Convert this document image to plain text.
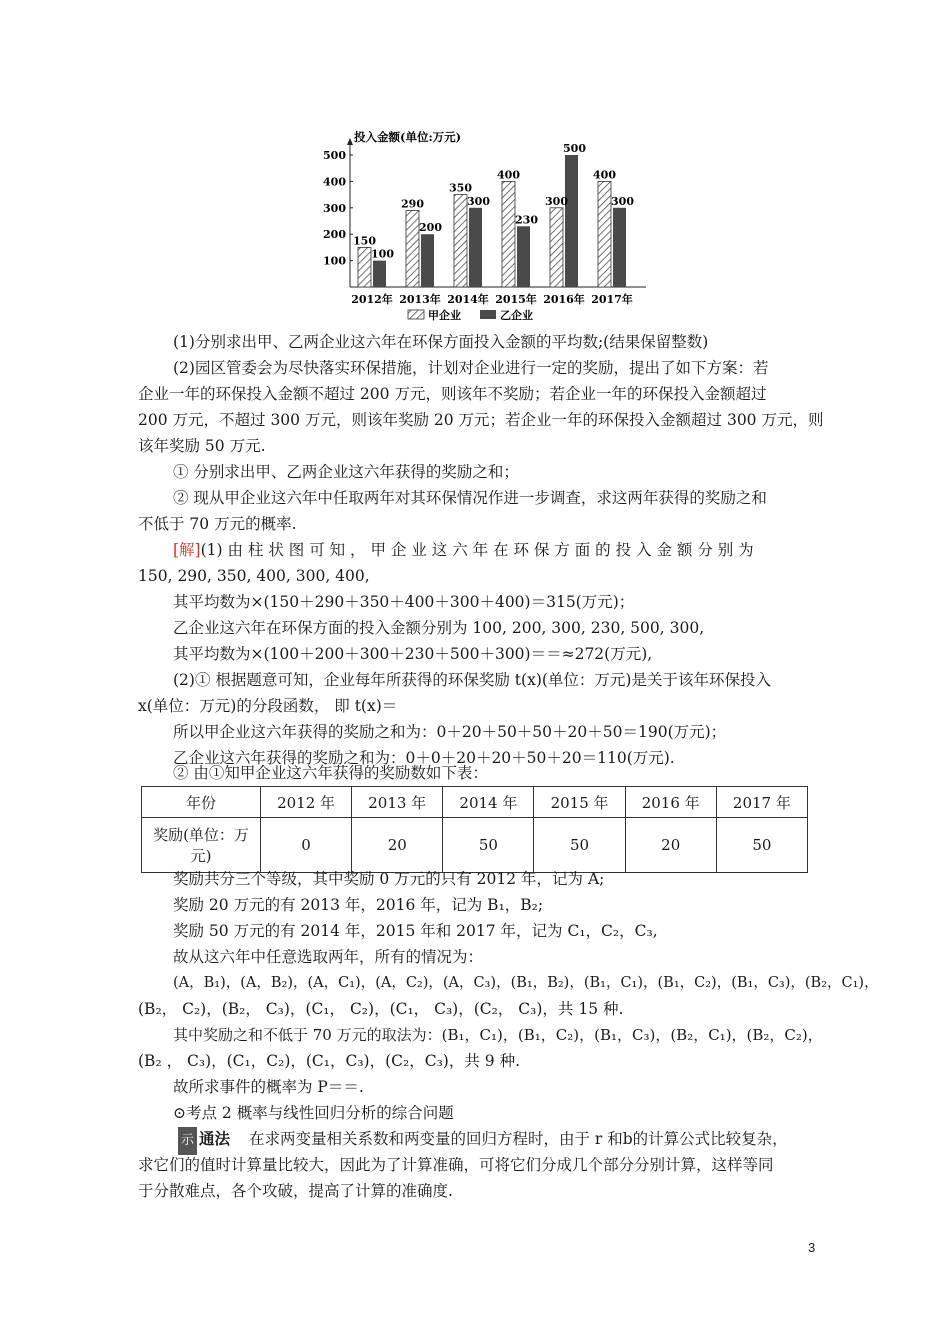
100
200
300
400
500
150
100
2012年
290
200
2013年
350
300
2014年
400
230
2015年
300
500
2016年
400
300
2017年
投入金额(单位:万元)
甲企业	乙企业
(1)分别求出甲、乙两企业这六年在环保方面投入金额的平均数;(结果保留整数)
(2)园区管委会为尽快落实环保措施，计划对企业进行一定的奖励，提出了如下方案：若
企业一年的环保投入金额不超过 200 万元，则该年不奖励；若企业一年的环保投入金额超过
200 万元，不超过 300 万元，则该年奖励 20 万元；若企业一年的环保投入金额超过 300 万元，则
该年奖励 50 万元.
① 分别求出甲、乙两企业这六年获得的奖励之和；
② 现从甲企业这六年中任取两年对其环保情况作进一步调查，求这两年获得的奖励之和
不低于 70 万元的概率.
[解](1) 由 柱 状 图 可 知 ， 甲 企 业 这 六 年 在 环 保 方 面 的 投 入 金 额 分 别 为
150, 290, 350, 400, 300, 400,
其平均数为×(150＋290＋350＋400＋300＋400)＝315(万元)；
乙企业这六年在环保方面的投入金额分别为 100, 200, 300, 230, 500, 300,
其平均数为×(100＋200＋300＋230＋500＋300)＝＝≈272(万元),
(2)① 根据题意可知，企业每年所获得的环保奖励 t(x)(单位：万元)是关于该年环保投入
x(单位：万元)的分段函数， 即 t(x)＝
所以甲企业这六年获得的奖励之和为：0＋20＋50＋50＋20＋50＝190(万元)；
乙企业这六年获得的奖励之和为：0＋0＋20＋20＋50＋20＝110(万元).
② 由①知甲企业这六年获得的奖励数如下表：
年份	2012 年	2013 年	2014 年	2015 年	2016 年	2017 年
奖励(单位：万
元)	0	20	50	50	20	50
奖励共分三个等级，其中奖励 0 万元的只有 2012 年，记为 A;
奖励 20 万元的有 2013 年，2016 年，记为 B₁，B₂;
奖励 50 万元的有 2014 年，2015 年和 2017 年，记为 C₁，C₂，C₃,
故从这六年中任意选取两年，所有的情况为：
(A，B₁)，(A，B₂)，(A，C₁)，(A，C₂)，(A，C₃)，(B₁，B₂)，(B₁，C₁)，(B₁，C₂)，(B₁，C₃)，(B₂，C₁)，
(B₂， C₂)，(B₂， C₃)，(C₁， C₂)，(C₁， C₃)，(C₂， C₃)，共 15 种.
其中奖励之和不低于 70 万元的取法为：(B₁，C₁)，(B₁，C₂)，(B₁，C₃)，(B₂，C₁)，(B₂，C₂)，
(B₂ ， C₃)，(C₁，C₂)，(C₁，C₃)，(C₂，C₃)，共 9 种.
故所求事件的概率为 P＝＝.
⊙考点 2 概率与线性回归分析的综合问题
示 通法 在求两变量相关系数和两变量的回归方程时，由于 r 和b的计算公式比较复杂，
求它们的值时计算量比较大，因此为了计算准确，可将它们分成几个部分分别计算，这样等同
于分散难点，各个攻破，提高了计算的准确度.
3
